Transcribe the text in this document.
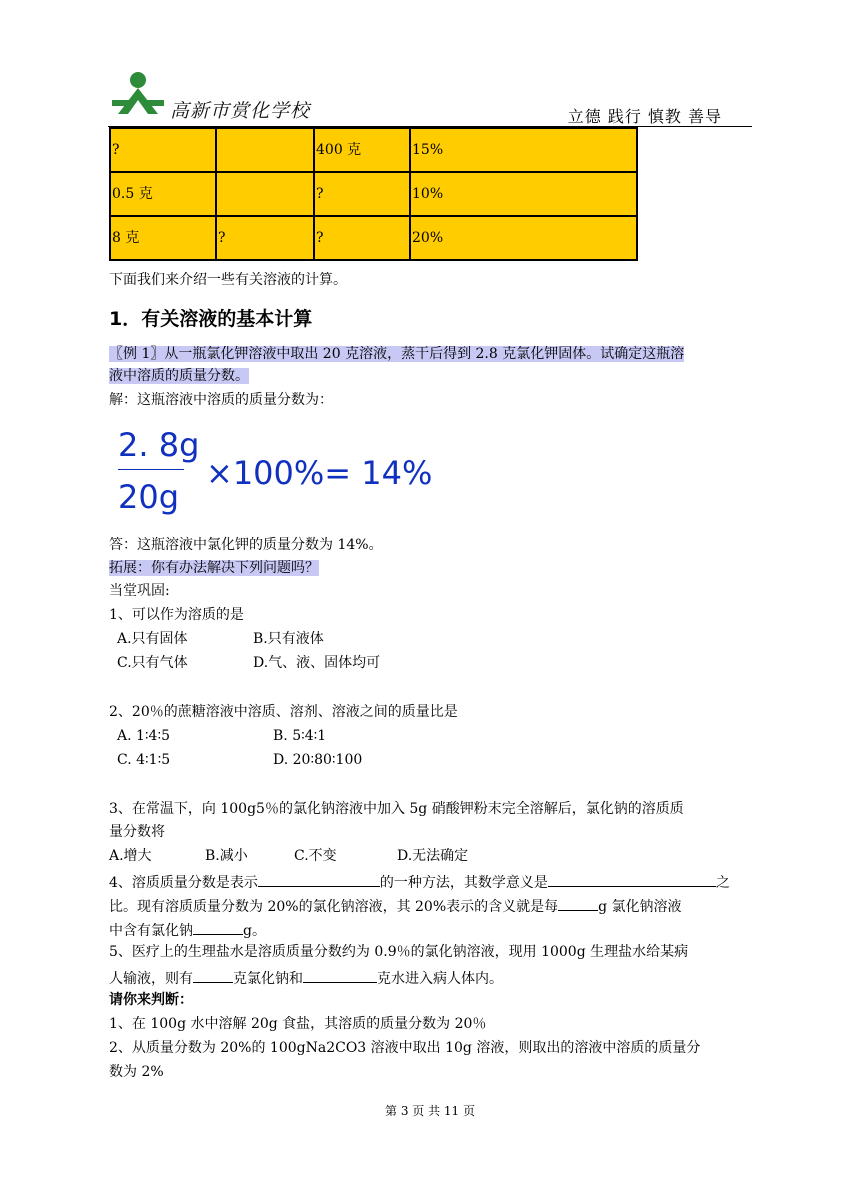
高新市赏化学校	立德 践行 慎教 善导
?		400 克	15%
0.5 克		?	10%
8 克	?	?	20%
下面我们来介绍一些有关溶液的计算。
1．有关溶液的基本计算
〖例 1〗从一瓶氯化钾溶液中取出 20 克溶液，蒸干后得到 2.8 克氯化钾固体。试确定这瓶溶
液中溶质的质量分数。
解：这瓶溶液中溶质的质量分数为：
2. 8g
20g
×100%= 14%
答：这瓶溶液中氯化钾的质量分数为 14%。
拓展：你有办法解决下列问题吗？
当堂巩固:
1、可以作为溶质的是
A.只有固体	B.只有液体
C.只有气体	D.气、液、固体均可
2、20％的蔗糖溶液中溶质、溶剂、溶液之间的质量比是
A. 1∶4∶5	B. 5∶4∶1
C. 4∶1∶5	D. 20∶80∶100
3、在常温下，向 100g5％的氯化钠溶液中加入 5g 硝酸钾粉末完全溶解后，氯化钠的溶质质
量分数将
A.增大	B.减小	C.不变	D.无法确定
4、溶质质量分数是表示	的一种方法，其数学意义是	之
比。现有溶质质量分数为 20%的氯化钠溶液，其 20%表示的含义就是每	g 氯化钠溶液
中含有氯化钠	g。
5、医疗上的生理盐水是溶质质量分数约为 0.9％的氯化钠溶液，现用 1000g 生理盐水给某病
人输液，则有	克氯化钠和	克水进入病人体内。
请你来判断：
1、在 100g 水中溶解 20g 食盐，其溶质的质量分数为 20％
2、从质量分数为 20%的 100gNa2CO3 溶液中取出 10g 溶液，则取出的溶液中溶质的质量分
数为 2%
第 3 页 共 11 页
